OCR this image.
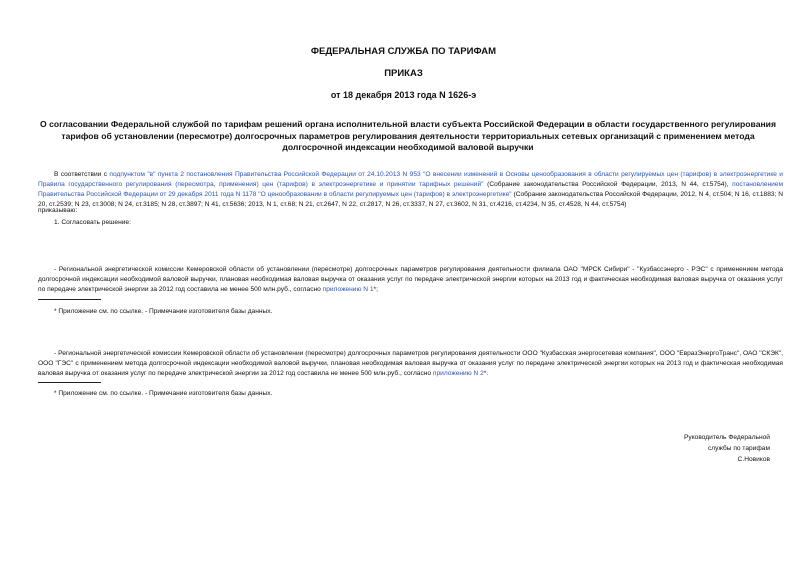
ФЕДЕРАЛЬНАЯ СЛУЖБА ПО ТАРИФАМ
ПРИКАЗ
от 18 декабря 2013 года N 1626-э
О согласовании Федеральной службой по тарифам решений органа исполнительной власти субъекта Российской Федерации в области государственного регулирования тарифов об установлении (пересмотре) долгосрочных параметров регулирования деятельности территориальных сетевых организаций с применением метода долгосрочной индексации необходимой валовой выручки

В соответствии с подпунктом "в" пункта 2 постановления Правительства Российской Федерации от 24.10.2013 N 953 "О внесении изменений в Основы ценообразования в области регулируемых цен (тарифов) в электроэнергетике и Правила государственного регулирования (пересмотра, применения) цен (тарифов) в электроэнергетике и принятии тарифных решений" (Собрание законодательства Российской Федерации, 2013, N 44, ст.5754), постановлением Правительства Российской Федерации от 29 декабря 2011 года N 1178 "О ценообразовании в области регулируемых цен (тарифов) в электроэнергетике" (Собрание законодательства Российской Федерации, 2012, N 4, ст.504; N 16, ст.1883; N 20, ст.2539; N 23, ст.3008; N 24, ст.3185; N 28, ст.3897; N 41, ст.5636; 2013, N 1, ст.68; N 21, ст.2647, N 22, ст.2817, N 26, ст.3337, N 27, ст.3602, N 31, ст.4216, ст.4234, N 35, ст.4528, N 44, ст.5754)

приказываю:
1. Согласовать решение:

- Региональной энергетической комиссии Кемеровской области об установлении (пересмотре) долгосрочных параметров регулирования деятельности филиала ОАО "МРСК Сибири" - "Кузбассэнерго - РЭС" с применением метода долгосрочной индексации необходимой валовой выручки, плановая необходимая валовая выручка от оказания услуг по передаче электрической энергии которых на 2013 год и фактическая необходимая валовая выручка от оказания услуг по передаче электрической энергии за 2012 год составила не менее 500 млн.руб., согласно приложению N 1*;

* Приложение см. по ссылке. - Примечание изготовителя базы данных.

- Региональной энергетической комиссии Кемеровской области об установлении (пересмотре) долгосрочных параметров регулирования деятельности ООО "Кузбасская энергосетевая компания", ООО "ЕвразЭнергоТранс", ОАО "СКЭК", ООО "ГЭС" с применением метода долгосрочной индексации необходимой валовой выручки, плановая необходимая валовая выручка от оказания услуг по передаче электрической энергии которых на 2013 год и фактическая необходимая валовая выручка от оказания услуг по передаче электрической энергии за 2012 год составила не менее 500 млн.руб., согласно приложению N 2*.

* Приложение см. по ссылке. - Примечание изготовителя базы данных.
Руководитель Федеральной
службы по тарифам
С.Новиков
